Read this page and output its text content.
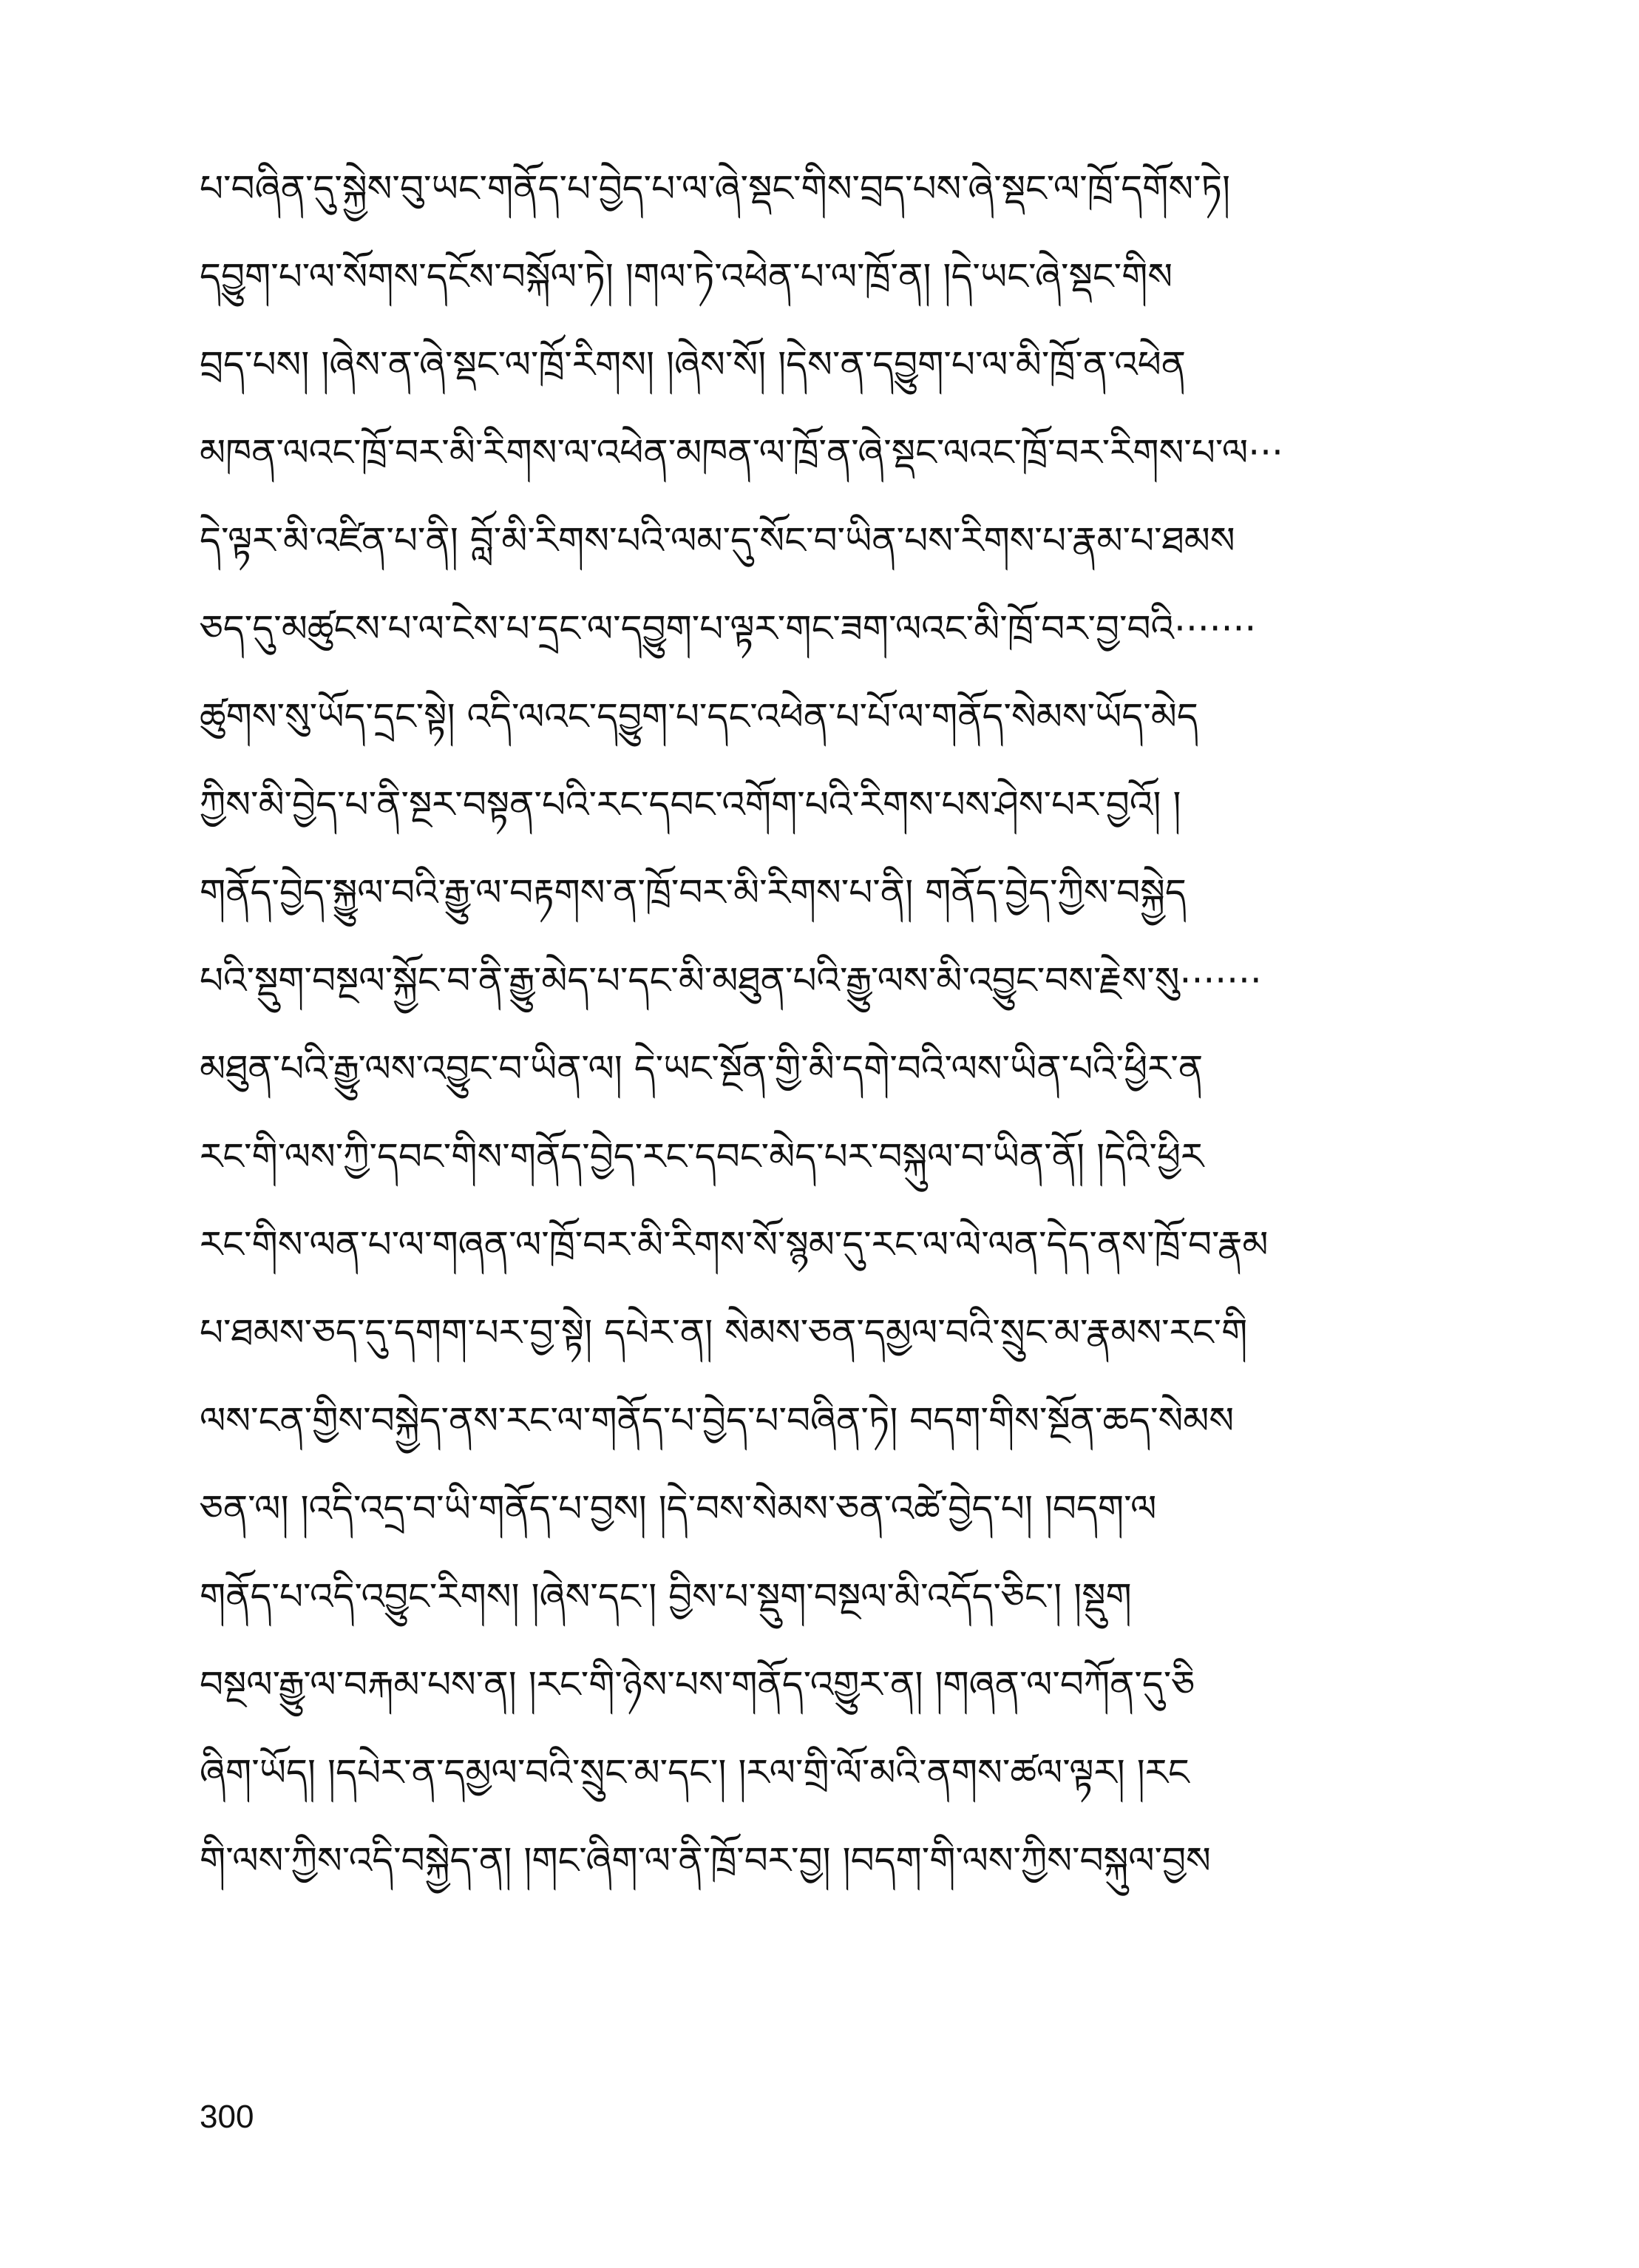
པ་བཞིན་དུ་སྐྱེས་བུ་ཡང་གནོད་པ་བྱེད་པ་ལ་ཞེ་སྡང་གིས་བྲད་པས་ཞེ་སྡང་ལ་ཁྲོ་དགོས་ཏེ།
དབྱུག་པ་ལ་སོགས་དངོས་བསྐོལ་ཏེ། །གལ་ཏེ་འཕེན་པ་ལ་ཁྲོ་ན། །དེ་ཡང་ཞེ་སྡང་གིས
བྲད་པས། །ཞེས་ན་ཞེ་སྡང་ལ་ཁྲོ་རིགས། །ཞེས་སོ། །དེས་ན་དབྱུག་པ་ལ་མི་ཁྲོ་ན་འཕེན
མཁན་ལའང་ཁྲོ་བར་མི་རིགས་ལ་འཕེན་མཁན་ལ་ཁྲོ་ན་ཞེ་སྡང་ལའང་ཁྲོ་བར་རིགས་པ་ལ···
དེ་ལྟར་མི་འཛིན་པ་ནི། བློ་མི་རིགས་པའི་ལམ་དུ་སོང་བ་ཡིན་པས་རིགས་པ་རྣམ་པ་ཐམས
ཅད་དུ་མཚུངས་པ་ལ་ངེས་པ་དྲང་ལ་དབྱུག་པ་ལྟར་གང་ཟག་ལའང་མི་ཁྲོ་བར་བྱ་བའི·······
ཚུགས་སུ་ཡོད་དྲང་སྟེ། འདི་ལའང་དབྱུག་པ་དང་འཕེན་པ་པོ་ལ་གནོད་སེམས་ཡོད་མེད
ཀྱིས་མི་བྱེད་པ་ནི་སྔར་བསྟན་པའི་རང་དབང་འགོག་པའི་རིགས་པས་ཤེས་པར་བྱའོ། །
གནོད་བྱེད་སྐྱུལ་བའི་རྒྱུ་ལ་བརྟགས་ན་ཁྲོ་བར་མི་རིགས་པ་ནི། གནོད་བྱེད་ཀྱིས་བསྐྱེད
པའི་སྡུག་བསྔལ་སྐྱོང་བ་ནི་རྒྱུ་མེད་པ་དང་མི་མཐུན་པའི་རྒྱུ་ལས་མི་འབྱུང་བས་རྗེས་སུ·······
མཐུན་པའི་རྒྱུ་ལས་འབྱུང་བ་ཡིན་ལ། དེ་ཡང་སྔོན་གྱི་མི་དགེ་བའི་ལས་ཡིན་པའི་ཕྱིར་ན
རང་གི་ལས་ཀྱི་དབང་གིས་གནོད་བྱེད་རང་དབང་མེད་པར་བསྐུལ་བ་ཡིན་ནོ། །དེའི་ཕྱིར
རང་གིས་ལན་པ་ལ་གཞན་ལ་ཁྲོ་བར་མི་རིགས་སོ་སྙམ་དུ་རང་ལ་ལེ་ལན་དེད་ནས་ཁྲོ་བ་རྣམ
པ་ཐམས་ཅད་དུ་དགག་པར་བྱ་སྟེ། དཔེར་ན། སེམས་ཅན་དམྱལ་བའི་སྲུང་མ་རྣམས་རང་གི
ལས་ངན་གྱིས་བསྐྱེད་ནས་རང་ལ་གནོད་པ་བྱེད་པ་བཞིན་ཏེ། བདག་གིས་སྔོན་ཆད་སེམས
ཅན་ལ། །འདི་འདྲ་བ་ཡི་གནོད་པ་བྱས། །དེ་བས་སེམས་ཅན་འཚེ་བྱེད་པ། །བདག་ལ
གནོད་པ་འདི་འབྱུང་རིགས། །ཞེས་དང་། བྱིས་པ་སྡུག་བསྔལ་མི་འདོད་ཅིང་། །སྡུག
བསྔལ་རྒྱུ་ལ་བརྐམ་པས་ན། །རང་གི་ཉེས་པས་གནོད་འགྱུར་ན། །གཞན་ལ་བཀོན་དུ་ཅི
ཞིག་ཡོད། །དཔེར་ན་དམྱལ་བའི་སྲུང་མ་དང་། །རལ་གྲི་ལོ་མའི་ནགས་ཚལ་ལྟར། །རང
གི་ལས་ཀྱིས་འདི་བསྐྱེད་ན། །གང་ཞིག་ལ་ནི་ཁྲོ་བར་བྱ། །བདག་གི་ལས་ཀྱིས་བསྐུལ་བྱས
300
